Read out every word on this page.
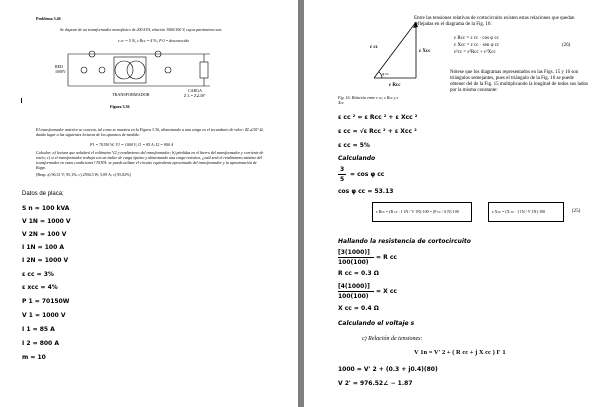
Problema 3.46
Se dispone de un transformador monofásico de 200 kVA, relación 1000/100 V, cuyos parámetros son:
ε cc = 5 %, ε Rcc = 4 %; P 0 = desconocido
RED
1000V
TRANSFORMADOR
CARGA
Z L = Z∠30°
Figura 3.36
El transformador anterior se conecta, tal como se muestra en la Figura 3.36, alimentando a una carga en el secundario de valor: ZL∠30° Ω, dando lugar a las siguientes lecturas de los aparatos de medida:
P1 = 70150 W; V1 = 1000 V; I1 = 85 A; I2 = 800 A
Calcular: a) lectura que señalará el voltímetro V2 y rendimiento del transformador; b) pérdidas en el hierro del transformador y corriente de vacío; c) si el transformador trabaja con un índice de carga óptimo y alimentando una carga resistiva, ¿cuál será el rendimiento máximo del transformador en estas condiciones? NOTA: se puede utilizar el circuito equivalente aproximado del transformador y la aproximación de Kapp.
[Resp. a) 96,31 V; 95,1%; c) 2594,5 W; 5,09 A; c) 95,82%]
Datos de placa;
S n = 100 kVA
V 1N = 1000 V
V 2N = 100 V
I 1N = 100 A
I 2N = 1000 V
ε cc = 3%
ε xcc = 4%
P 1 = 70150W
V 1 = 1000 V
I 1 = 85 A
I 2 = 800 A
m = 10
ε cc
ε Xcc
ε Rcc
φ cc
Fig. 16: Relación entre ε cc, ε Rcc y ε Xcc
Entre las tensiones relativas de cortocircuito existen estas relaciones que quedan reflejadas en el diagrama de la Fig. 16:
ε Rcc = ε cc · cos φ cc
ε Xcc = ε cc · sen φ cc
ε²cc = ε²Rcc + ε²Xcc
(26)
Nótese que los diagramas representados en las Figs. 15 y 16 son triángulos semejantes, pues el triángulo de la Fig. 16 se puede obtener del de la Fig. 15 multiplicando la longitud de todos sus lados por la misma constante:
ε cc ² = ε Rcc ² + ε Xcc ²
ε cc = √ε Rcc ² + ε Xcc ²
ε cc = 5%
Calculando
3
5
= cos φ cc
cos φ cc = 53.13
ε Rcc = (R cc · I 1N / V 1N)·100 = (P cc / S N)·100	ε Xcc = (X cc · I 1N / V 1N)·100	(25)
Hallando la resistencia de cortocircuito
[3(1000)]
100(100)
= R cc
R cc = 0.3 Ω
[4(1000)]
100(100)
= X cc
X cc = 0.4 Ω
Calculando el voltaje s
c) Relación de tensiones:
V 1n = V' 2 + ( R cc + j X cc ) I' 1
1000 = V' 2 + (0.3 + j0.4)(80)
V 2' = 976.52∠ − 1.87
